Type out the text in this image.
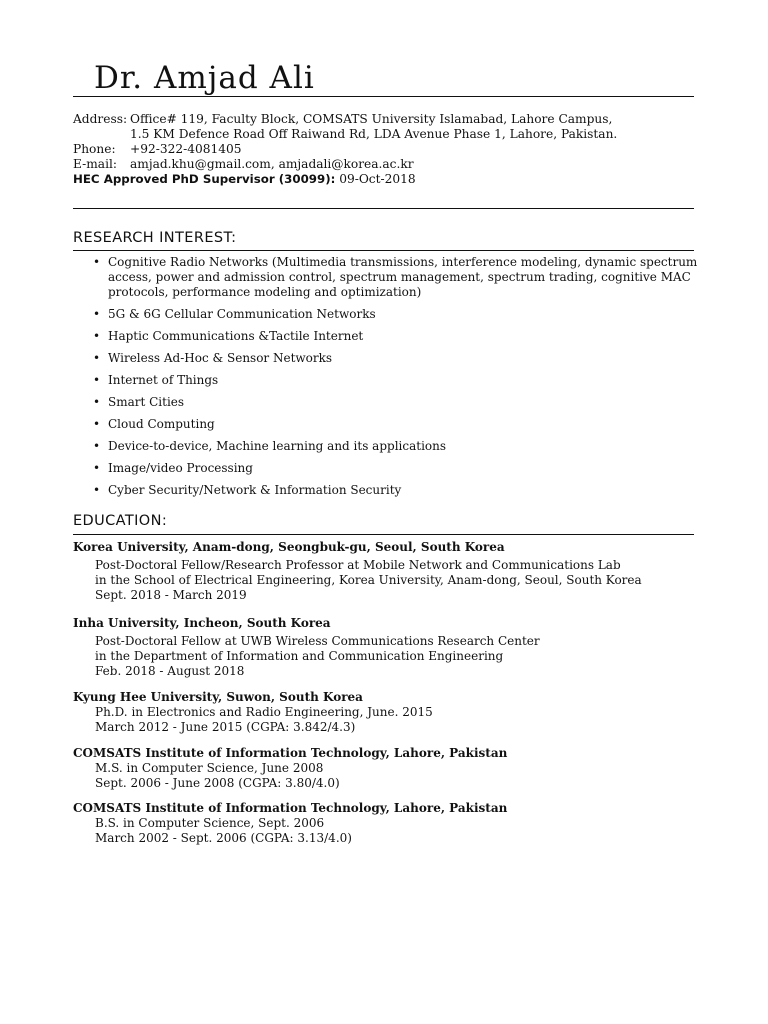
Dr. Amjad Ali
Address: Office# 119, Faculty Block, COMSATS University Islamabad, Lahore Campus,
1.5 KM Defence Road Off Raiwand Rd, LDA Avenue Phase 1, Lahore, Pakistan.
Phone:	+92-322-4081405
E-mail:	amjad.khu@gmail.com, amjadali@korea.ac.kr
HEC Approved PhD Supervisor (30099):
09-Oct-2018
RESEARCH INTEREST:
• Cognitive Radio Networks (Multimedia transmissions, interference modeling, dynamic spectrum access, power and admission control, spectrum management, spectrum trading, cognitive MAC protocols, performance modeling and optimization)
• 5G & 6G Cellular Communication Networks
• Haptic Communications &Tactile Internet
• Wireless Ad-Hoc & Sensor Networks
• Internet of Things
• Smart Cities
• Cloud Computing
• Device-to-device, Machine learning and its applications
• Image/video Processing
• Cyber Security/Network & Information Security
EDUCATION:
Korea University, Anam-dong, Seongbuk-gu, Seoul, South Korea
Post-Doctoral Fellow/Research Professor at Mobile Network and Communications Lab
in the School of Electrical Engineering, Korea University, Anam-dong, Seoul, South Korea
Sept. 2018 - March 2019
Inha University, Incheon, South Korea
Post-Doctoral Fellow at UWB Wireless Communications Research Center
in the Department of Information and Communication Engineering
Feb. 2018 - August 2018
Kyung Hee University, Suwon, South Korea
Ph.D. in Electronics and Radio Engineering, June. 2015
March 2012 - June 2015 (CGPA: 3.842/4.3)
COMSATS Institute of Information Technology, Lahore, Pakistan
M.S. in Computer Science, June 2008
Sept. 2006 - June 2008 (CGPA: 3.80/4.0)
COMSATS Institute of Information Technology, Lahore, Pakistan
B.S. in Computer Science, Sept. 2006
March 2002 - Sept. 2006 (CGPA: 3.13/4.0)
